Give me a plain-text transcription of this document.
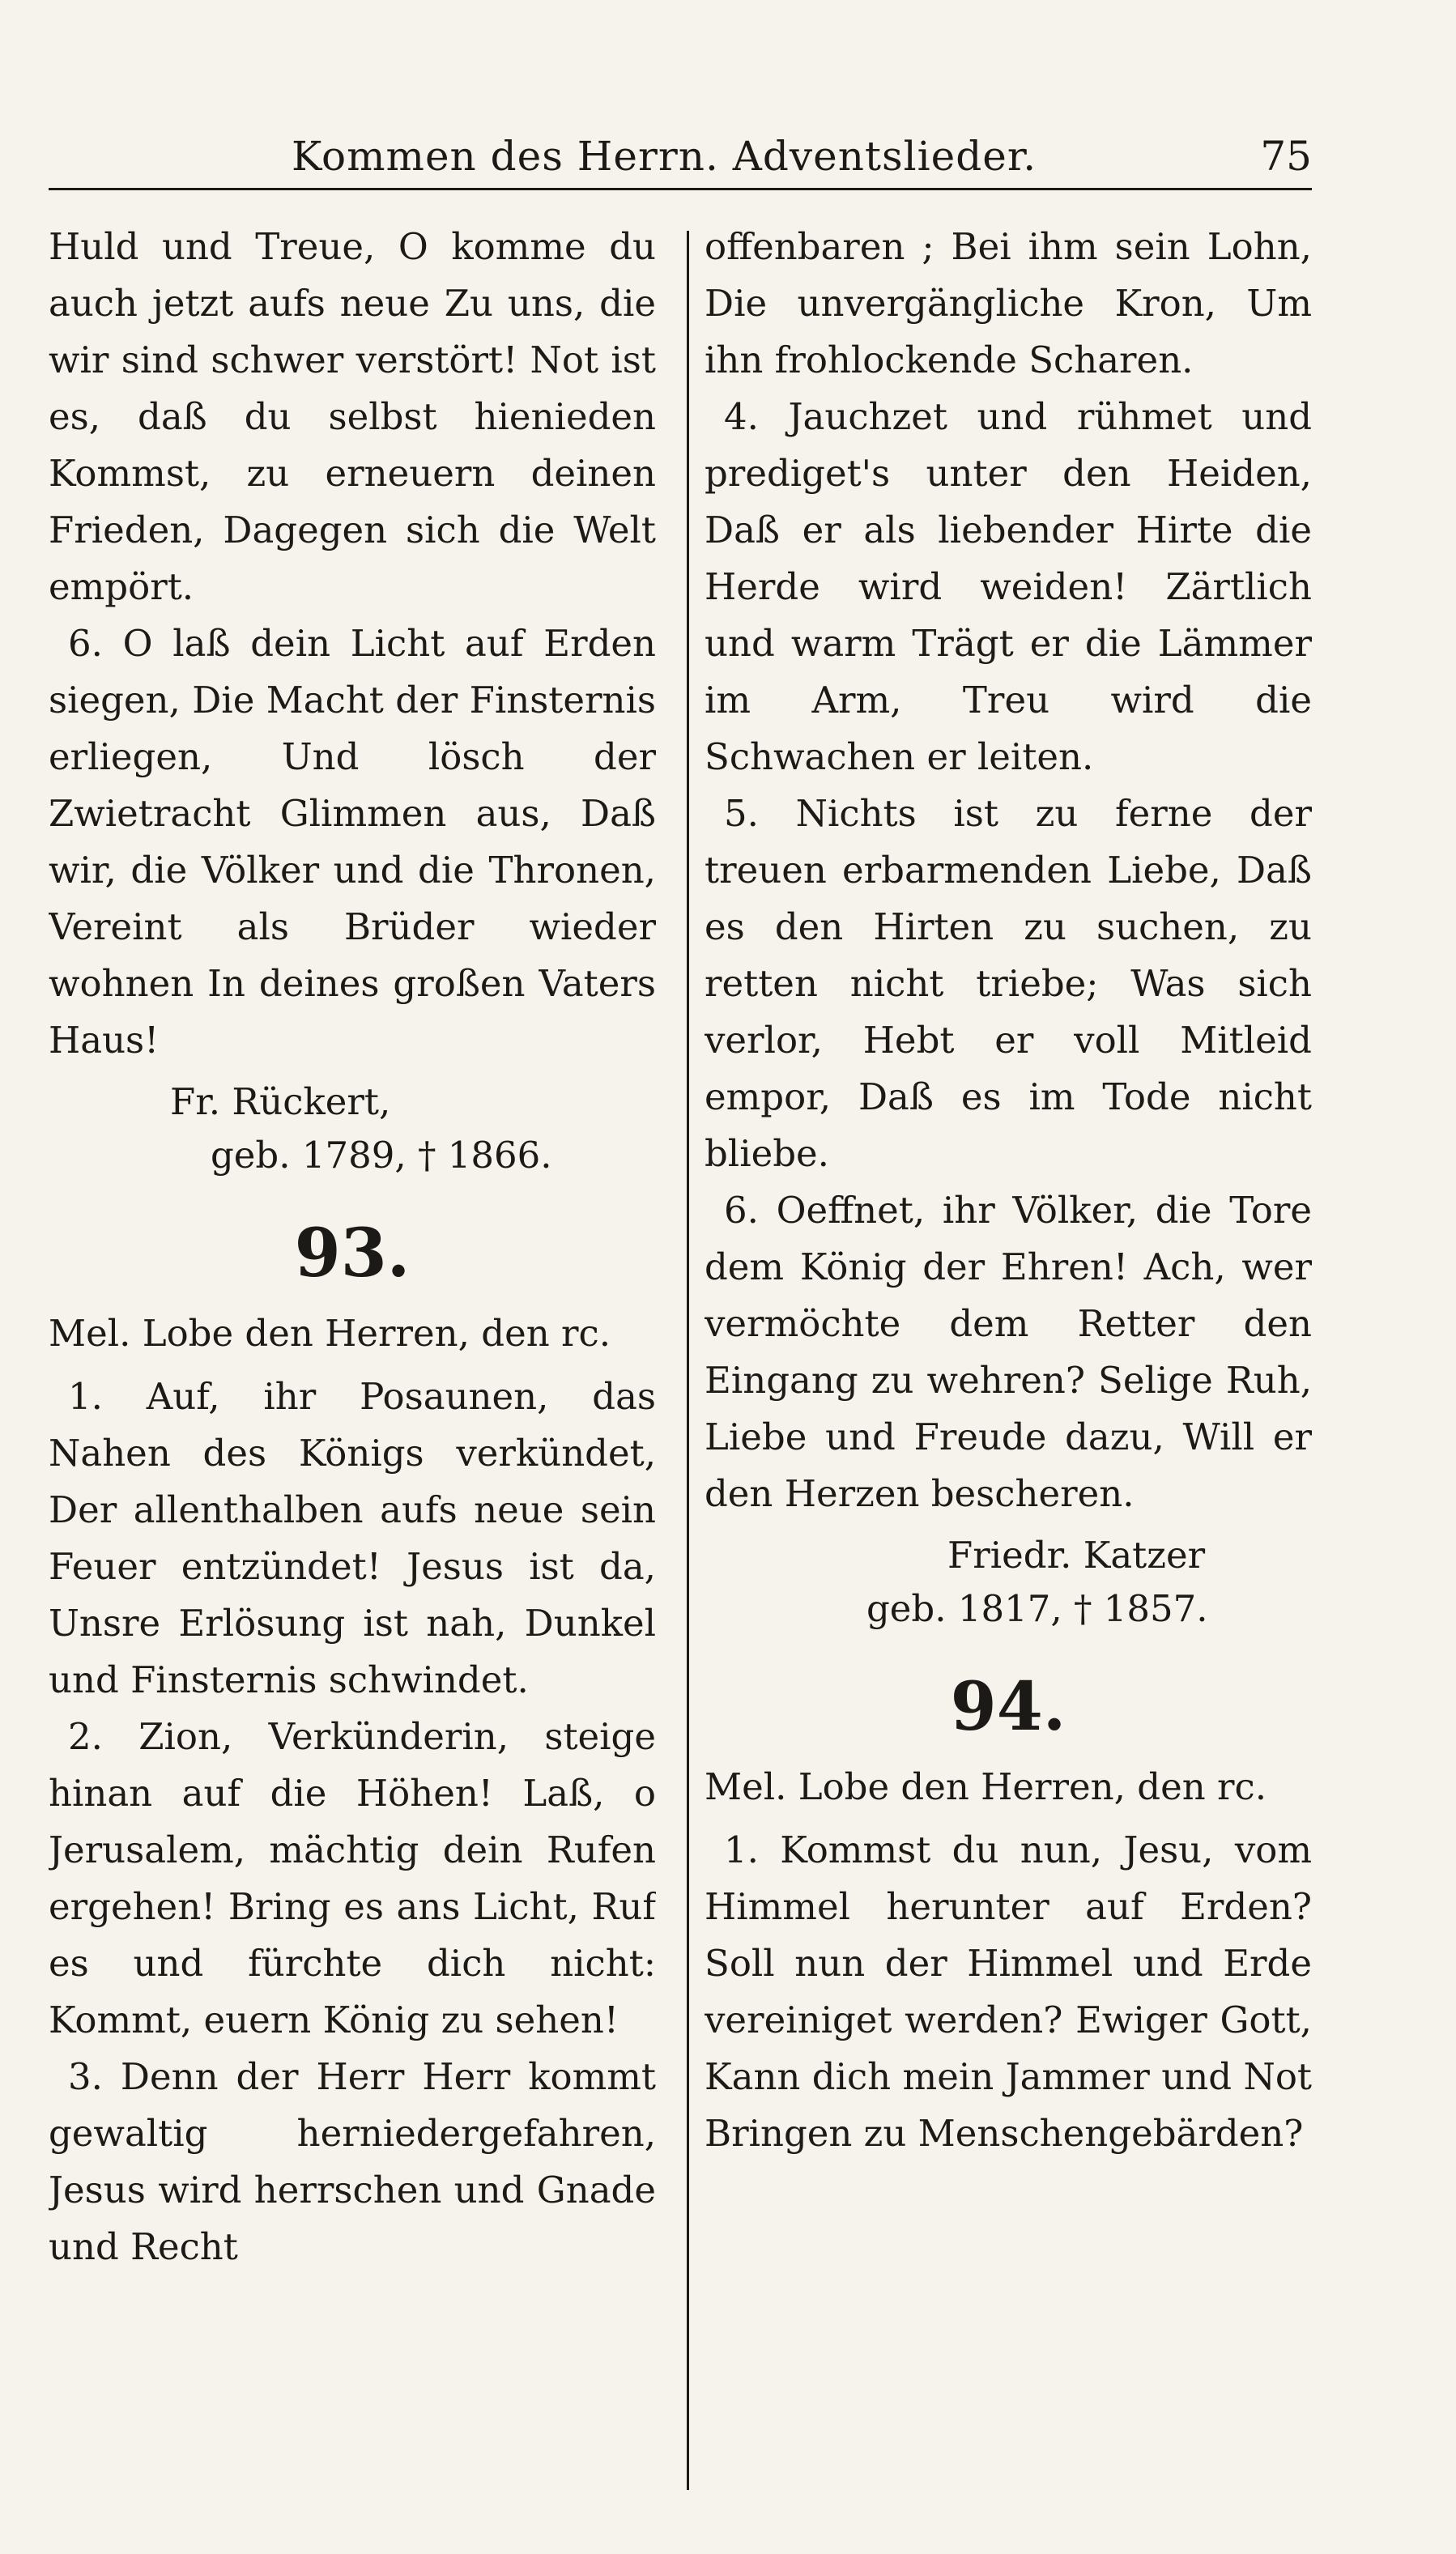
Kommen des Herrn. Adventslieder.	75

Huld und Treue, O komme du auch jetzt aufs neue Zu uns, die wir sind schwer verstört! Not ist es, daß du selbst hienieden Kommst, zu erneuern deinen Frieden, Dagegen sich die Welt empört.

6. O laß dein Licht auf Erden siegen, Die Macht der Finsternis erliegen, Und lösch der Zwietracht Glimmen aus, Daß wir, die Völker und die Thronen, Vereint als Brüder wieder wohnen In deines großen Vaters Haus!

Fr. Rückert,
geb. 1789, † 1866.
93.
Mel. Lobe den Herren, den rc.

1. Auf, ihr Posaunen, das Nahen des Königs verkündet, Der allenthalben aufs neue sein Feuer entzündet! Jesus ist da, Unsre Erlösung ist nah, Dunkel und Finsternis schwindet.

2. Zion, Verkünderin, steige hinan auf die Höhen! Laß, o Jerusalem, mächtig dein Rufen ergehen! Bring es ans Licht, Ruf es und fürchte dich nicht: Kommt, euern König zu sehen!

3. Denn der Herr Herr kommt gewaltig herniedergefahren, Jesus wird herrschen und Gnade und Recht

offenbaren ; Bei ihm sein Lohn, Die unvergängliche Kron, Um ihn frohlockende Scharen.

4. Jauchzet und rühmet und prediget's unter den Heiden, Daß er als liebender Hirte die Herde wird weiden! Zärtlich und warm Trägt er die Lämmer im Arm, Treu wird die Schwachen er leiten.

5. Nichts ist zu ferne der treuen erbarmenden Liebe, Daß es den Hirten zu suchen, zu retten nicht triebe; Was sich verlor, Hebt er voll Mitleid empor, Daß es im Tode nicht bliebe.

6. Oeffnet, ihr Völker, die Tore dem König der Ehren! Ach, wer vermöchte dem Retter den Eingang zu wehren? Selige Ruh, Liebe und Freude dazu, Will er den Herzen bescheren.

Friedr. Katzer
geb. 1817, † 1857.
94.
Mel. Lobe den Herren, den rc.

1. Kommst du nun, Jesu, vom Himmel herunter auf Erden? Soll nun der Himmel und Erde vereiniget werden? Ewiger Gott, Kann dich mein Jammer und Not Bringen zu Menschengebärden?
